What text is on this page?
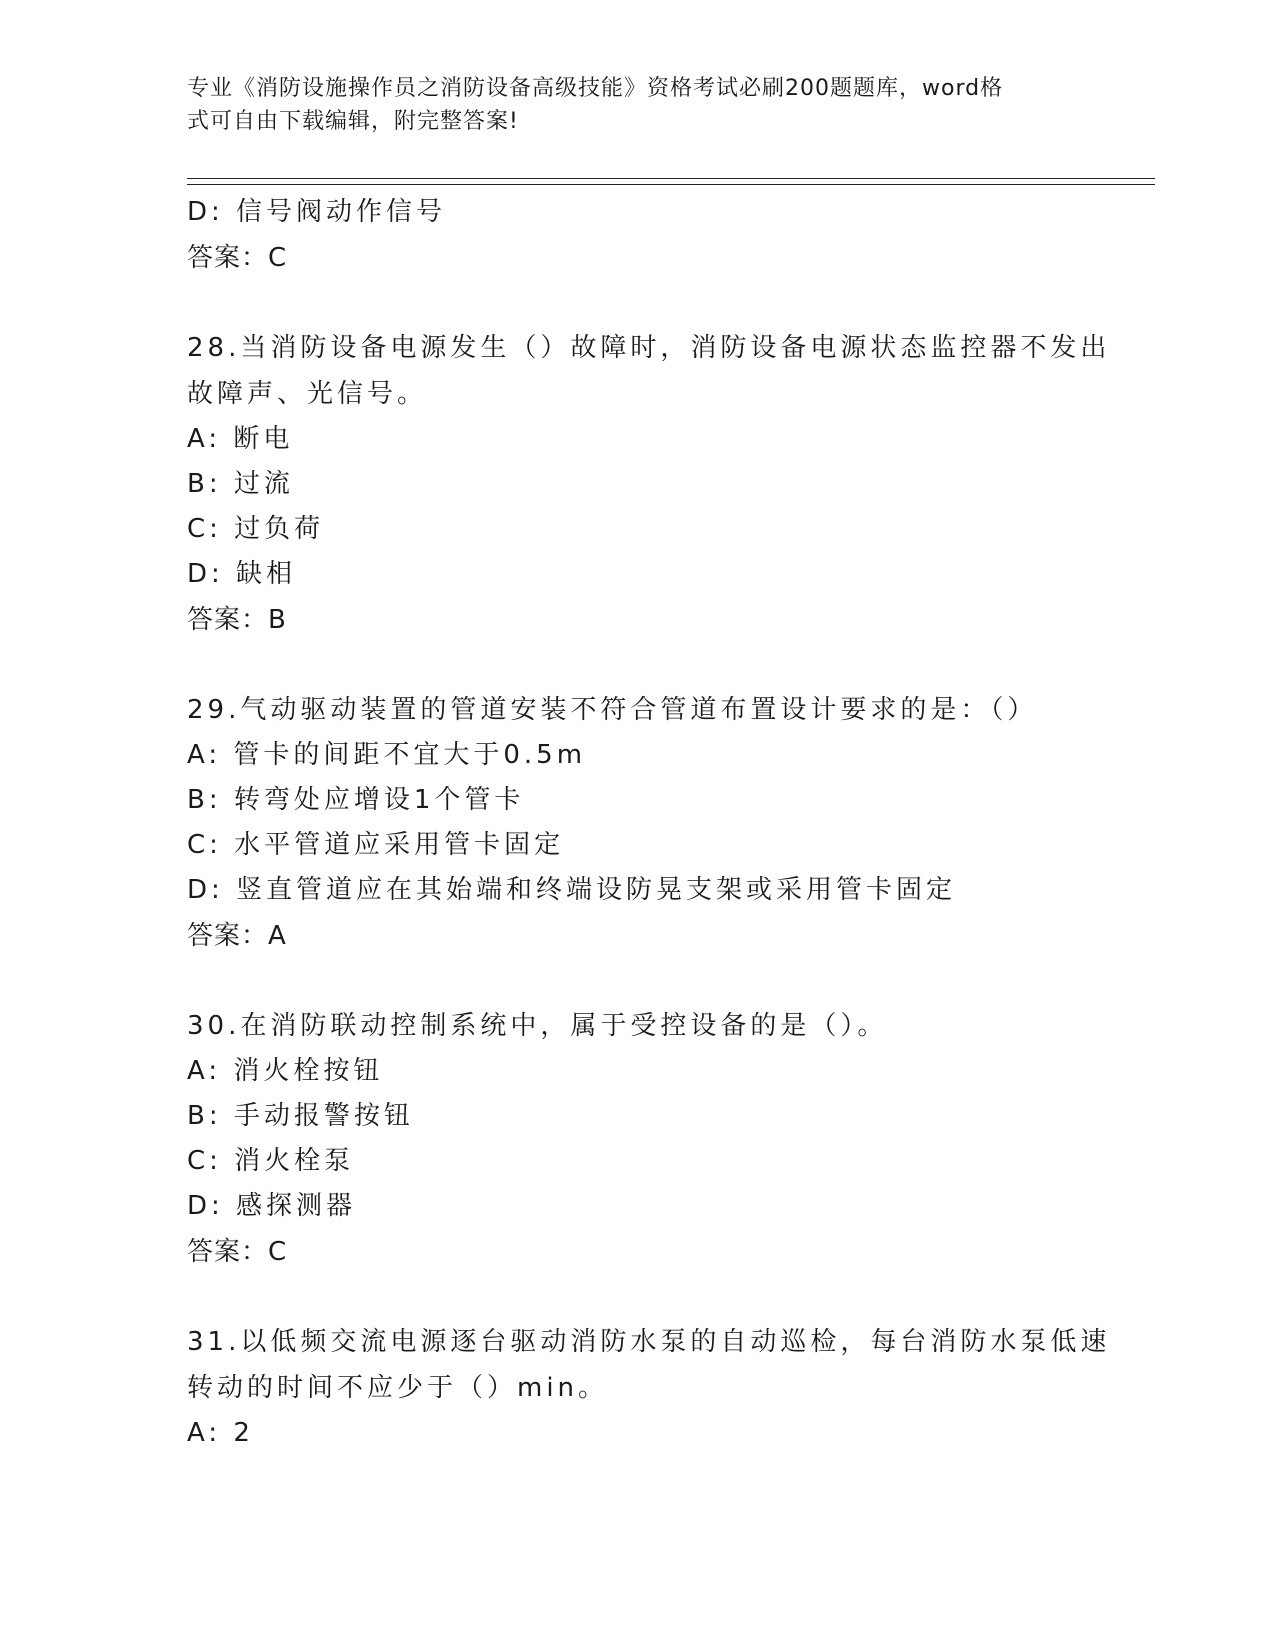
专业《消防设施操作员之消防设备高级技能》资格考试必刷200题题库，word格
式可自由下载编辑，附完整答案!
D: 信号阀动作信号
答案：C
28.当消防设备电源发生（）故障时，消防设备电源状态监控器不发出
故障声、光信号。
A: 断电
B: 过流
C: 过负荷
D: 缺相
答案：B
29.气动驱动装置的管道安装不符合管道布置设计要求的是：（）
A: 管卡的间距不宜大于0.5m
B: 转弯处应增设1个管卡
C: 水平管道应采用管卡固定
D: 竖直管道应在其始端和终端设防晃支架或采用管卡固定
答案：A
30.在消防联动控制系统中，属于受控设备的是（）。
A: 消火栓按钮
B: 手动报警按钮
C: 消火栓泵
D: 感探测器
答案：C
31.以低频交流电源逐台驱动消防水泵的自动巡检，每台消防水泵低速
转动的时间不应少于（）min。
A: 2
